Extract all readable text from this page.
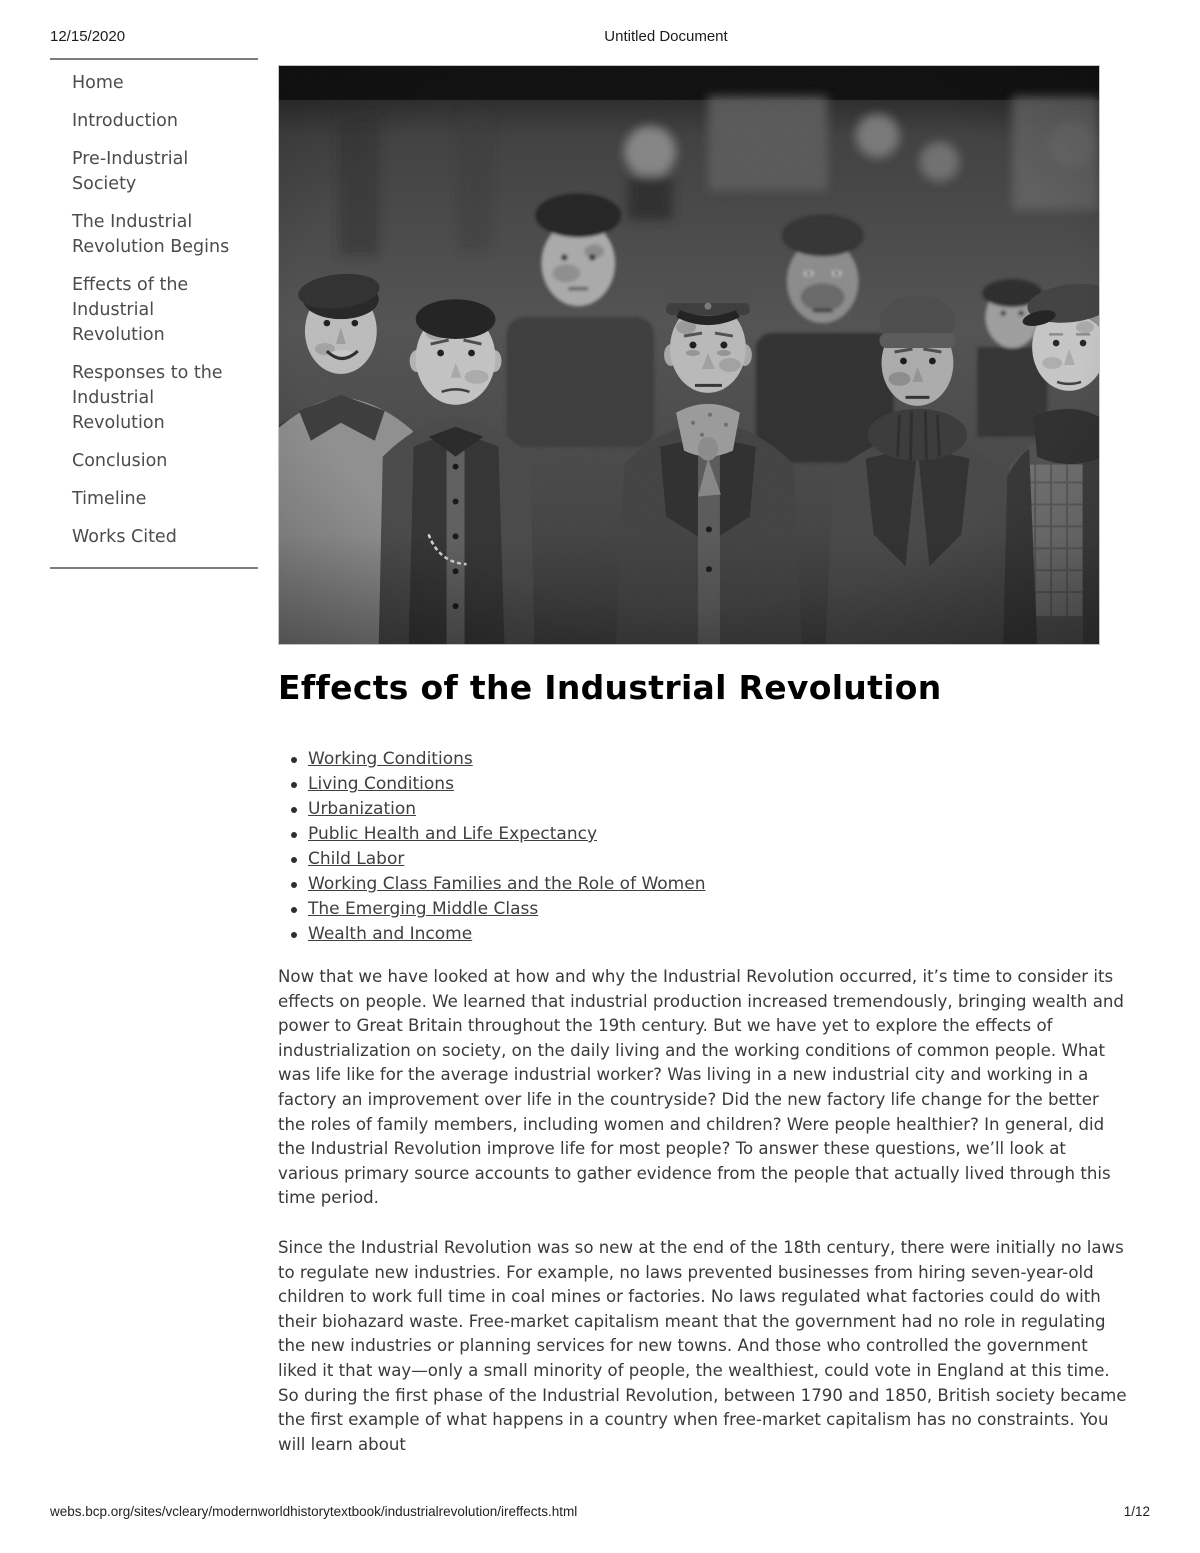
12/15/2020	Untitled Document
Home
Introduction
Pre-Industrial Society
The Industrial Revolution Begins
Effects of the Industrial Revolution
Responses to the Industrial Revolution
Conclusion
Timeline
Works Cited
Effects of the Industrial Revolution
Working Conditions
Living Conditions
Urbanization
Public Health and Life Expectancy
Child Labor
Working Class Families and the Role of Women
The Emerging Middle Class
Wealth and Income

Now that we have looked at how and why the Industrial Revolution occurred, it’s time to consider its effects on people. We learned that industrial production increased tremendously, bringing wealth and power to Great Britain throughout the 19th century. But we have yet to explore the effects of industrialization on society, on the daily living and the working conditions of common people. What was life like for the average industrial worker? Was living in a new industrial city and working in a factory an improvement over life in the countryside? Did the new factory life change for the better the roles of family members, including women and children? Were people healthier? In general, did the Industrial Revolution improve life for most people? To answer these questions, we’ll look at various primary source accounts to gather evidence from the people that actually lived through this time period.

Since the Industrial Revolution was so new at the end of the 18th century, there were initially no laws to regulate new industries. For example, no laws prevented businesses from hiring seven-year-old children to work full time in coal mines or factories. No laws regulated what factories could do with their biohazard waste. Free-market capitalism meant that the government had no role in regulating the new industries or planning services for new towns. And those who controlled the government liked it that way—only a small minority of people, the wealthiest, could vote in England at this time. So during the first phase of the Industrial Revolution, between 1790 and 1850, British society became the first example of what happens in a country when free-market capitalism has no constraints. You will learn about

webs.bcp.org/sites/vcleary/modernworldhistorytextbook/industrialrevolution/ireffects.html	1/12
